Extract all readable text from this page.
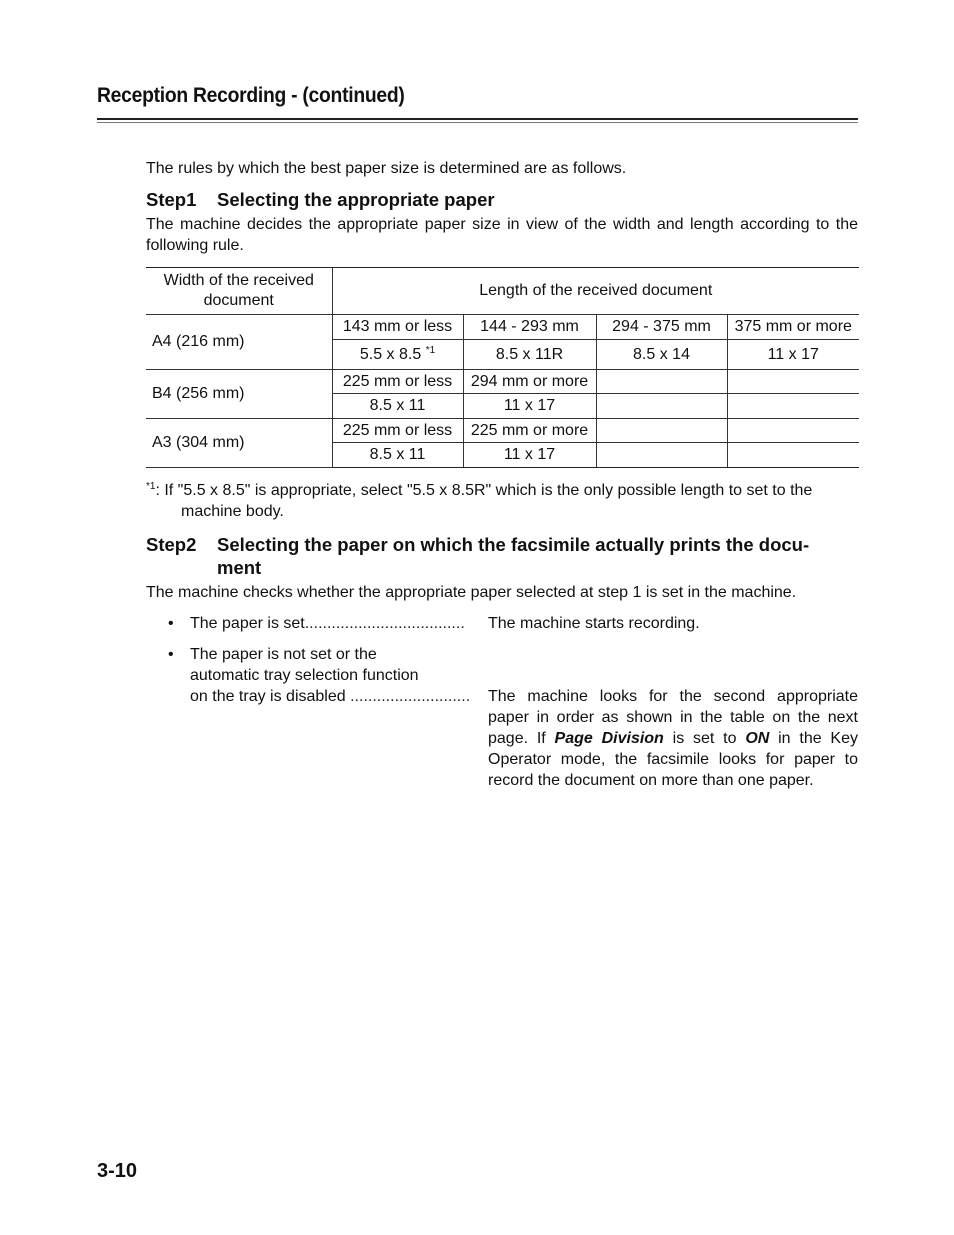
Reception Recording - (continued)
The rules by which the best paper size is determined are as follows.
Step1 Selecting the appropriate paper
The machine decides the appropriate paper size in view of the width and length according to the following rule.
Width of the received document	Length of the received document			
A4 (216 mm)	143 mm or less	144 - 293 mm	294 - 375 mm	375 mm or more
	5.5 x 8.5 $^{*1}$	8.5 x 11R	8.5 x 14	11 x 17
B4 (256 mm)	225 mm or less	294 mm or more		
	8.5 x 11	11 x 17		
A3 (304 mm)	225 mm or less	225 mm or more		
	8.5 x 11	11 x 17		
$^{*1}$: If "5.5 x 8.5" is appropriate, select "5.5 x 8.5R" which is the only possible length to set to the
machine body.
Step2 Selecting the paper on which the facsimile actually prints the docu-
ment
The machine checks whether the appropriate paper selected at step 1 is set in the machine.
• The paper is set.................................... The machine starts recording.
• The paper is not set or the
automatic tray selection function
on the tray is disabled ........................... The machine looks for the second appropriate paper in order as shown in the table on the next page. If Page Division is set to ON in the Key Operator mode, the facsimile looks for paper to record the document on more than one paper.
3-10
